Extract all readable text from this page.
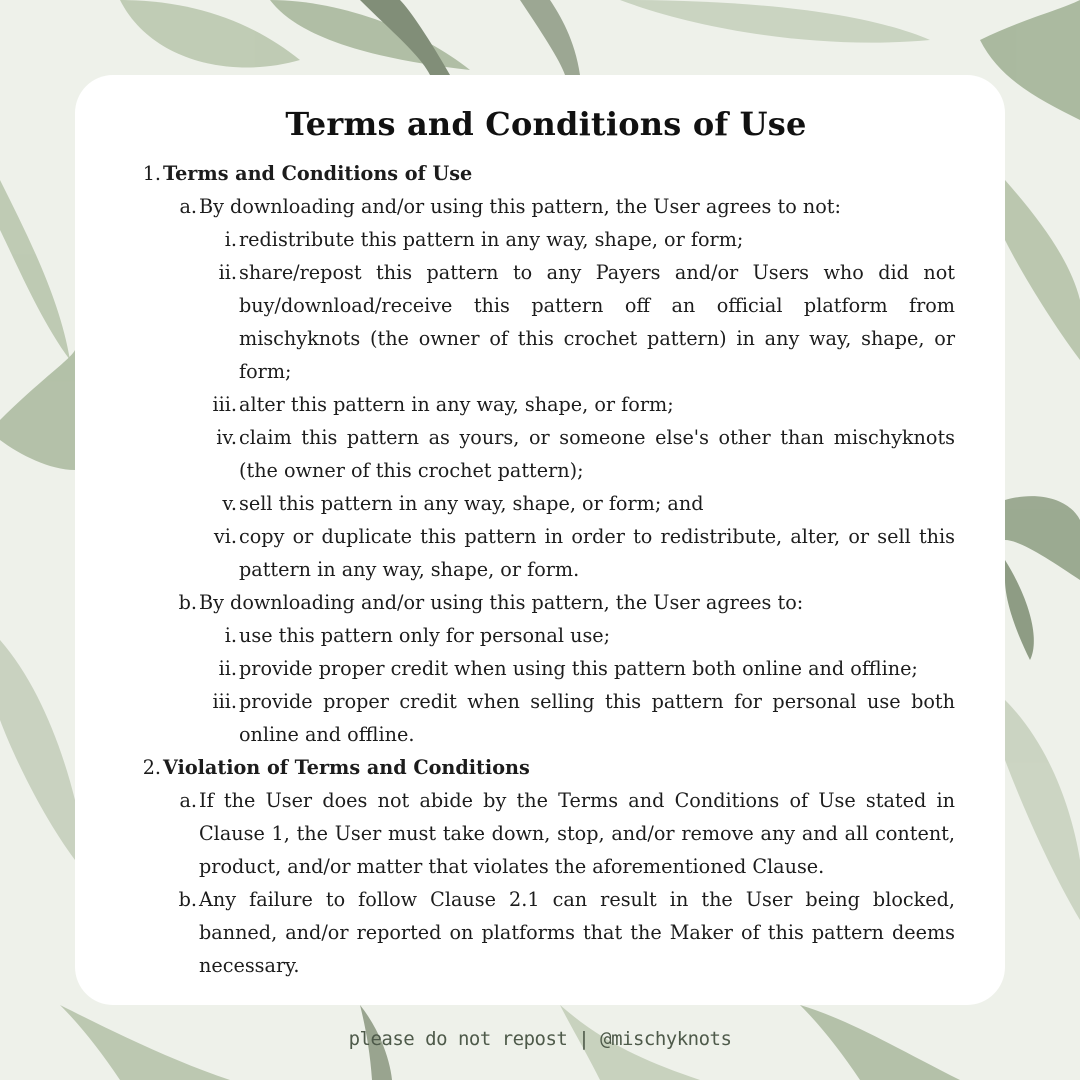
Terms and Conditions of Use
1. Terms and Conditions of Use
a. By downloading and/or using this pattern, the User agrees to not:
i. redistribute this pattern in any way, shape, or form;
ii. share/repost this pattern to any Payers and/or Users who did not buy/download/receive this pattern off an official platform from mischyknots (the owner of this crochet pattern) in any way, shape, or form;
iii. alter this pattern in any way, shape, or form;
iv. claim this pattern as yours, or someone else's other than mischyknots (the owner of this crochet pattern);
v. sell this pattern in any way, shape, or form; and
vi. copy or duplicate this pattern in order to redistribute, alter, or sell this pattern in any way, shape, or form.
b. By downloading and/or using this pattern, the User agrees to:
i. use this pattern only for personal use;
ii. provide proper credit when using this pattern both online and offline;
iii. provide proper credit when selling this pattern for personal use both online and offline.
2. Violation of Terms and Conditions
a. If the User does not abide by the Terms and Conditions of Use stated in Clause 1, the User must take down, stop, and/or remove any and all content, product, and/or matter that violates the aforementioned Clause.
b. Any failure to follow Clause 2.1 can result in the User being blocked, banned, and/or reported on platforms that the Maker of this pattern deems necessary.
please do not repost | @mischyknots
